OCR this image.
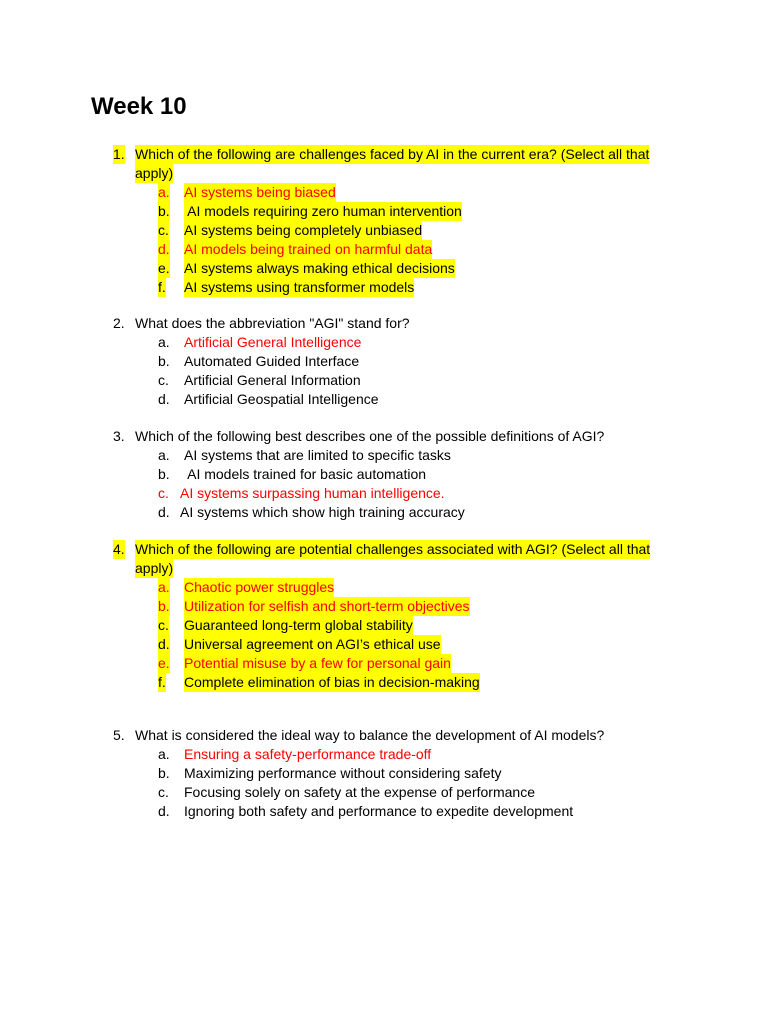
Week 10
1. Which of the following are challenges faced by AI in the current era? (Select all that
apply)
a. AI systems being biased
b. AI models requiring zero human intervention
c. AI systems being completely unbiased
d. AI models being trained on harmful data
e. AI systems always making ethical decisions
f. AI systems using transformer models
2. What does the abbreviation "AGI" stand for?
a. Artificial General Intelligence
b. Automated Guided Interface
c. Artificial General Information
d. Artificial Geospatial Intelligence
3. Which of the following best describes one of the possible definitions of AGI?
a. AI systems that are limited to specific tasks
b. AI models trained for basic automation
c. AI systems surpassing human intelligence.
d. AI systems which show high training accuracy
4. Which of the following are potential challenges associated with AGI? (Select all that
apply)
a. Chaotic power struggles
b. Utilization for selfish and short-term objectives
c. Guaranteed long-term global stability
d. Universal agreement on AGI’s ethical use
e. Potential misuse by a few for personal gain
f. Complete elimination of bias in decision-making
5. What is considered the ideal way to balance the development of AI models?
a. Ensuring a safety-performance trade-off
b. Maximizing performance without considering safety
c. Focusing solely on safety at the expense of performance
d. Ignoring both safety and performance to expedite development
